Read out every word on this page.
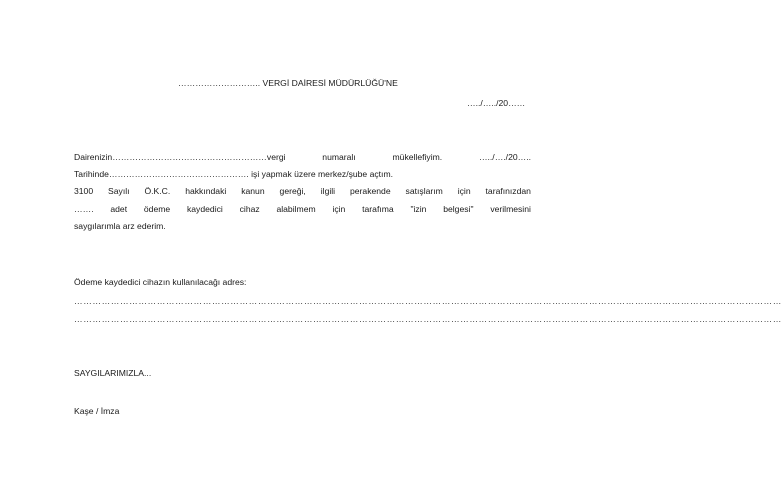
……………………….. VERGİ DAİRESİ MÜDÜRLÜĞÜ'NE
…../…../20……
Dairenizin………………………………………………vergi	numaralı	mükellefiyim.	…../…./20…..
Tarihinde…………………………………………. işi yapmak üzere merkez/şube açtım.
3100 Sayılı Ö.K.C. hakkındaki kanun gereği, ilgili perakende satışlarım için tarafınızdan
……. adet ödeme kaydedici cihaz alabilmem için tarafıma "izin belgesi" verilmesini
saygılarımla arz ederim.
Ödeme kaydedici cihazın kullanılacağı adres:
……………………………………………………………………………………………………………………………………………………………………………………………………………
……………………………………………………………………………………………………………………………………………………………………………………………………………
SAYGILARIMIZLA...
Kaşe / İmza
